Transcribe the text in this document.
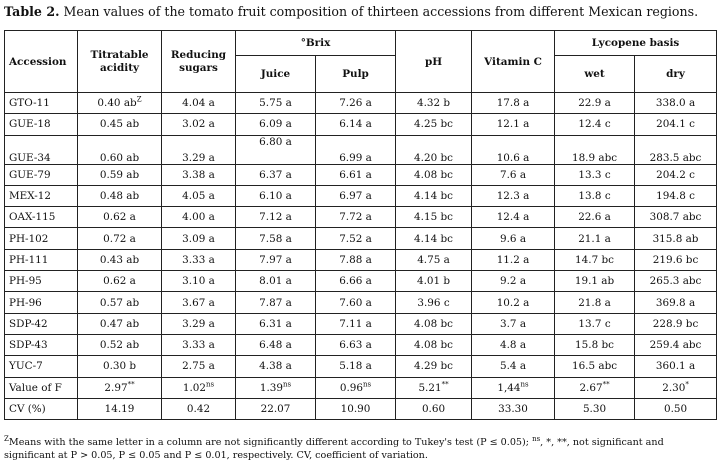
Table 2. Mean values of the tomato fruit composition of thirteen accessions from different Mexican regions.
Accession	Titratable acidity	Reducing sugars	°Brix		pH	Vitamin C	Lycopene basis	
			Juice	Pulp			wet	dry
GTO-11	0.40 $ab^Z$	4.04 a	5.75 a	7.26 a	4.32 b	17.8 a	22.9 a	338.0 a
GUE-18	0.45 ab	3.02 a	6.09 a	6.14 a	4.25 bc	12.1 a	12.4 c	204.1 c
GUE-34	0.60 ab	3.29 a	6.80 a	6.99 a	4.20 bc	10.6 a	18.9 abc	283.5 abc
GUE-79	0.59 ab	3.38 a	6.37 a	6.61 a	4.08 bc	7.6 a	13.3 c	204.2 c
MEX-12	0.48 ab	4.05 a	6.10 a	6.97 a	4.14 bc	12.3 a	13.8 c	194.8 c
OAX-115	0.62 a	4.00 a	7.12 a	7.72 a	4.15 bc	12.4 a	22.6 a	308.7 abc
PH-102	0.72 a	3.09 a	7.58 a	7.52 a	4.14 bc	9.6 a	21.1 a	315.8 ab
PH-111	0.43 ab	3.33 a	7.97 a	7.88 a	4.75 a	11.2 a	14.7 bc	219.6 bc
PH-95	0.62 a	3.10 a	8.01 a	6.66 a	4.01 b	9.2 a	19.1 ab	265.3 abc
PH-96	0.57 ab	3.67 a	7.87 a	7.60 a	3.96 c	10.2 a	21.8 a	369.8 a
SDP-42	0.47 ab	3.29 a	6.31 a	7.11 a	4.08 bc	3.7 a	13.7 c	228.9 bc
SDP-43	0.52 ab	3.33 a	6.48 a	6.63 a	4.08 bc	4.8 a	15.8 bc	259.4 abc
YUC-7	0.30 b	2.75 a	4.38 a	5.18 a	4.29 bc	5.4 a	16.5 abc	360.1 a
Value of F	2.97**	$1.02^{ns}$	$1.39^{ns}$	$0.96^{ns}$	5.21**	$1,44^{ns}$	2.67**	2.30*
CV (%)	14.19	0.42	22.07	10.90	0.60	33.30	5.30	0.50
$^Z$Means with the same letter in a column are not significantly different according to Tukey's test (P ≤ 0.05); $^{ns}$, *, **, not significant and significant at P > 0.05, P ≤ 0.05 and P ≤ 0.01, respectively. CV, coefficient of variation.
